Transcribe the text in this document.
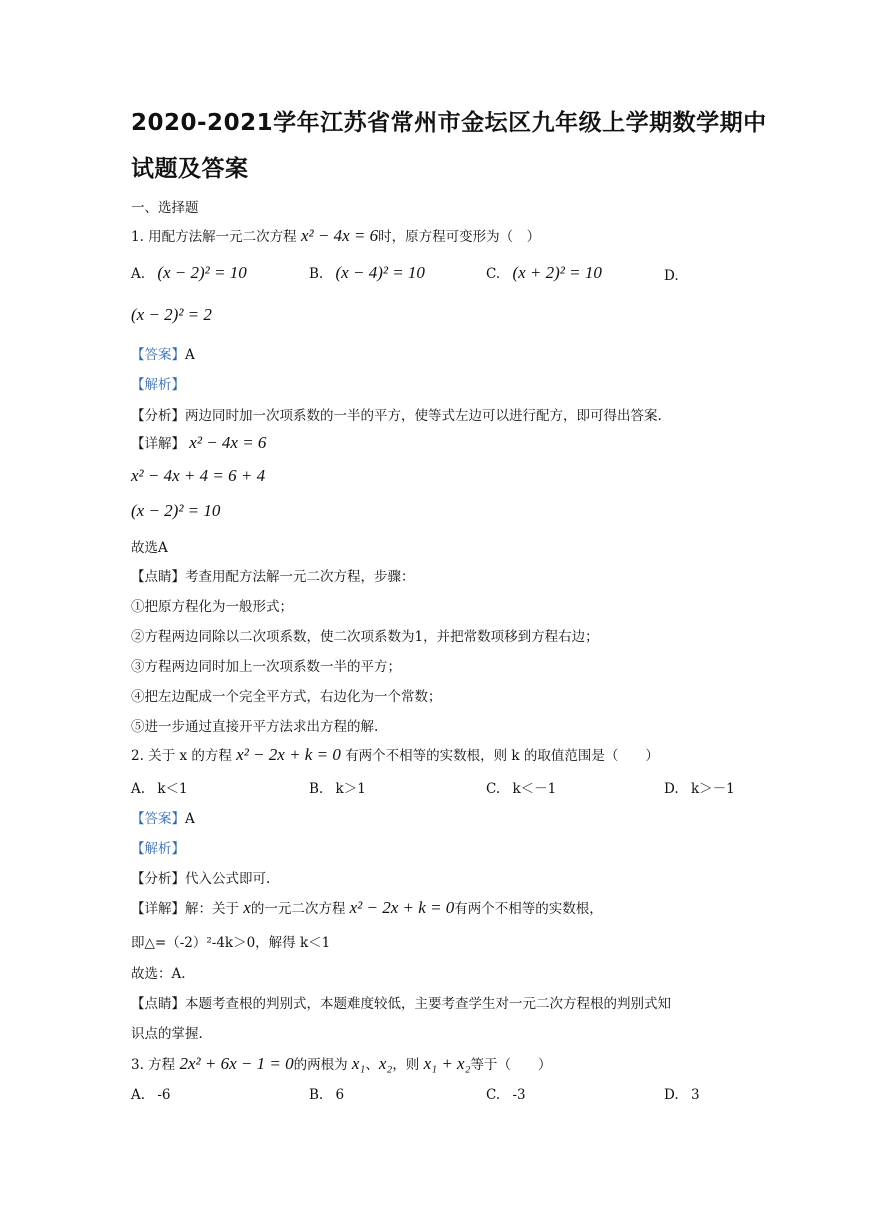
2020-2021学年江苏省常州市金坛区九年级上学期数学期中
试题及答案
一、选择题
1. 用配方法解一元二次方程 x² − 4x = 6时，原方程可变形为（　）
A. (x − 2)² = 10	B. (x − 4)² = 10	C. (x + 2)² = 10	D.
(x − 2)² = 2
【答案】A
【解析】
【分析】两边同时加一次项系数的一半的平方，使等式左边可以进行配方，即可得出答案.
【详解】 x² − 4x = 6
x² − 4x + 4 = 6 + 4
(x − 2)² = 10
故选A
【点睛】考查用配方法解一元二次方程，步骤：
①把原方程化为一般形式；
②方程两边同除以二次项系数，使二次项系数为1，并把常数项移到方程右边；
③方程两边同时加上一次项系数一半的平方；
④把左边配成一个完全平方式，右边化为一个常数；
⑤进一步通过直接开平方法求出方程的解.
2. 关于 x 的方程 x² − 2x + k = 0 有两个不相等的实数根，则 k 的取值范围是（　　）
A. k＜1	B. k＞1	C. k＜－1	D. k＞－1
【答案】A
【解析】
【分析】代入公式即可.
【详解】解：关于 x的一元二次方程 x² − 2x + k = 0有两个不相等的实数根，
即△=（-2）²-4k＞0，解得 k＜1
故选：A.
【点睛】本题考查根的判别式，本题难度较低，主要考查学生对一元二次方程根的判别式知
识点的掌握.
3. 方程 2x² + 6x − 1 = 0的两根为 x₁、x₂，则 x₁ + x₂等于（　　）
A. -6	B. 6	C. -3	D. 3
